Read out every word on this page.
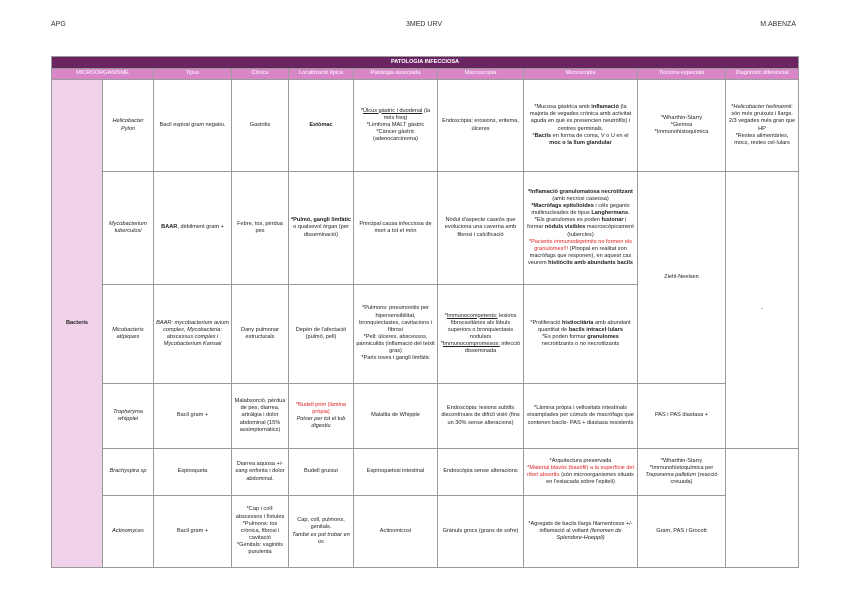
APG	3MED URV	M.ABENZA
PATOLOGIA INFECCIOSA									
MICROORGANISME		Tipus	Clínica	Localització típica	Patologia associada	Macroscopia	Microscopia	Tincions especials	Diagnòstic diferencial
Bacteris	Helicobacter Pylori	Bacil espiral gram negatiu.	Gastritis	Estòmac	*Úlcus gàstric i duodenal (la més freq)
*Limfoma MALT gàstric
*Càncer gàstric (adenocarcinoma)	Endoscòpia: erosions, eritema, úlceres	*Mucosa gàstrica amb inflamació (la majoria de vegades crònica amb activitat aguda en què es presencien neutròfils) i centres germinals.
*Bacils en forma de coma, V o U en el moc o la llum glandular	*Wharthin-Starry
*Giemsa
*Immunohistoquímica	*Helicobacter heilmannii: són més gruixuts i llargs. 2/3 vegades més gran que HP
*Restes alimentàries, mocs, restes cel·lulars
	Mycobacterium tuberculosi	BAAR, dèbilment gram +	Febre, tos, pèrdua pes	*Pulmó, gangli limfàtic o qualsevol òrgan (per disseminació)	Principal causa infecciosa de mort a tot el món	Nòdul d'aspecte caseós que evoluciona una caverna amb fibrosi i calcificació	*Inflamació granulomatosa necrotitzant (amb necrosi caseosa)
*Macròfags epitelioides i cèls gegants multinucleades de tipus Langhermans. *Els granulomes es poden fusionar i formar nòduls visibles macroscòpicament (tubercles)
*Pacients immunodeprimits no formen els granulomes!!! (Plnopal en realitat son macròfags que responen), en aquest cas veurem histiòcits amb abundants bacils	Ziehl-Neelsen	-
	Micobacteris atípiques	BAAR: mycobacterium avium complex, Mycobacteria: abscessus complex i Mycobacterium Kansaii	Dany pulmonar estructurals	Depèn de l'afectació (pulmó, pell)	*Pulmons: pneumonitis per hipersensibilitat, bronquiectasies, cavitacions i fibrosi
*Pell: úlceres, abscessos, panniculitis (inflamació del teixit gras)
*Parts toves i gangli limfàtic	*Immunocompetents: lesions fibrocavitàries als lòbuls superiors o bronquiectasis nodulars
*Immunocompromesos: infecció disseminada	*Proliferació histiocitària amb abundant quantitat de bacils intracel·lulars
*Es poden formar granulomes necrotitzants o no necrotitzants		
	Tropheryma whipplei	Bacil gram +	Malabsorció, pèrdua de pes, diarrea, artràlgia i dolor abdominal (15% assimptomàtics)	*Budell prim (làmina pròpia)
Potser per tot el tub digestiu	Malaltia de Whipple	Endoscòpia: lesions subtils discontínues de difícil visió (fins un 30% sense alteracions)	*Làmina pròpia i vellositats intestinals eixamplades per cúmuls de macròfags que contenen bacils- PAS + diastasa resistents	PAS i PAS diastasa +	
	Brachyspira sp	Espiroqueta	Diarrea aquosa +/- sang enfonta i dolor abdominal.	Budell gruixut	Espiroquetosi intestinal	Endoscòpia sense alteracions	*Arquitectura preservada
*Material blavós (basòfil) a la superfície del ribet absortiu (són microorganismes situats en l'estacada sobre l'epiteli)	*Wharthin-Starry
*Immunohistoquímica per Treponema pallidum (reacció creuada)	
	Actinomyces	Bacil gram +	*Cap i coll: abscessos i fístules
*Pulmons: tos crònica, fibrosi i cavitació
*Genitals: vaginitis purulenta	Cap, coll, pulmons, genitals.
També es pot trobar en os	Actinomicosi	Grànuls grocs (grans de sofre)	*Agregats de bacils llargs filamentosos +/- inflamació al voltant (fenomen de Splendore-Hoeppli)	Gram, PAS i Grocott	
